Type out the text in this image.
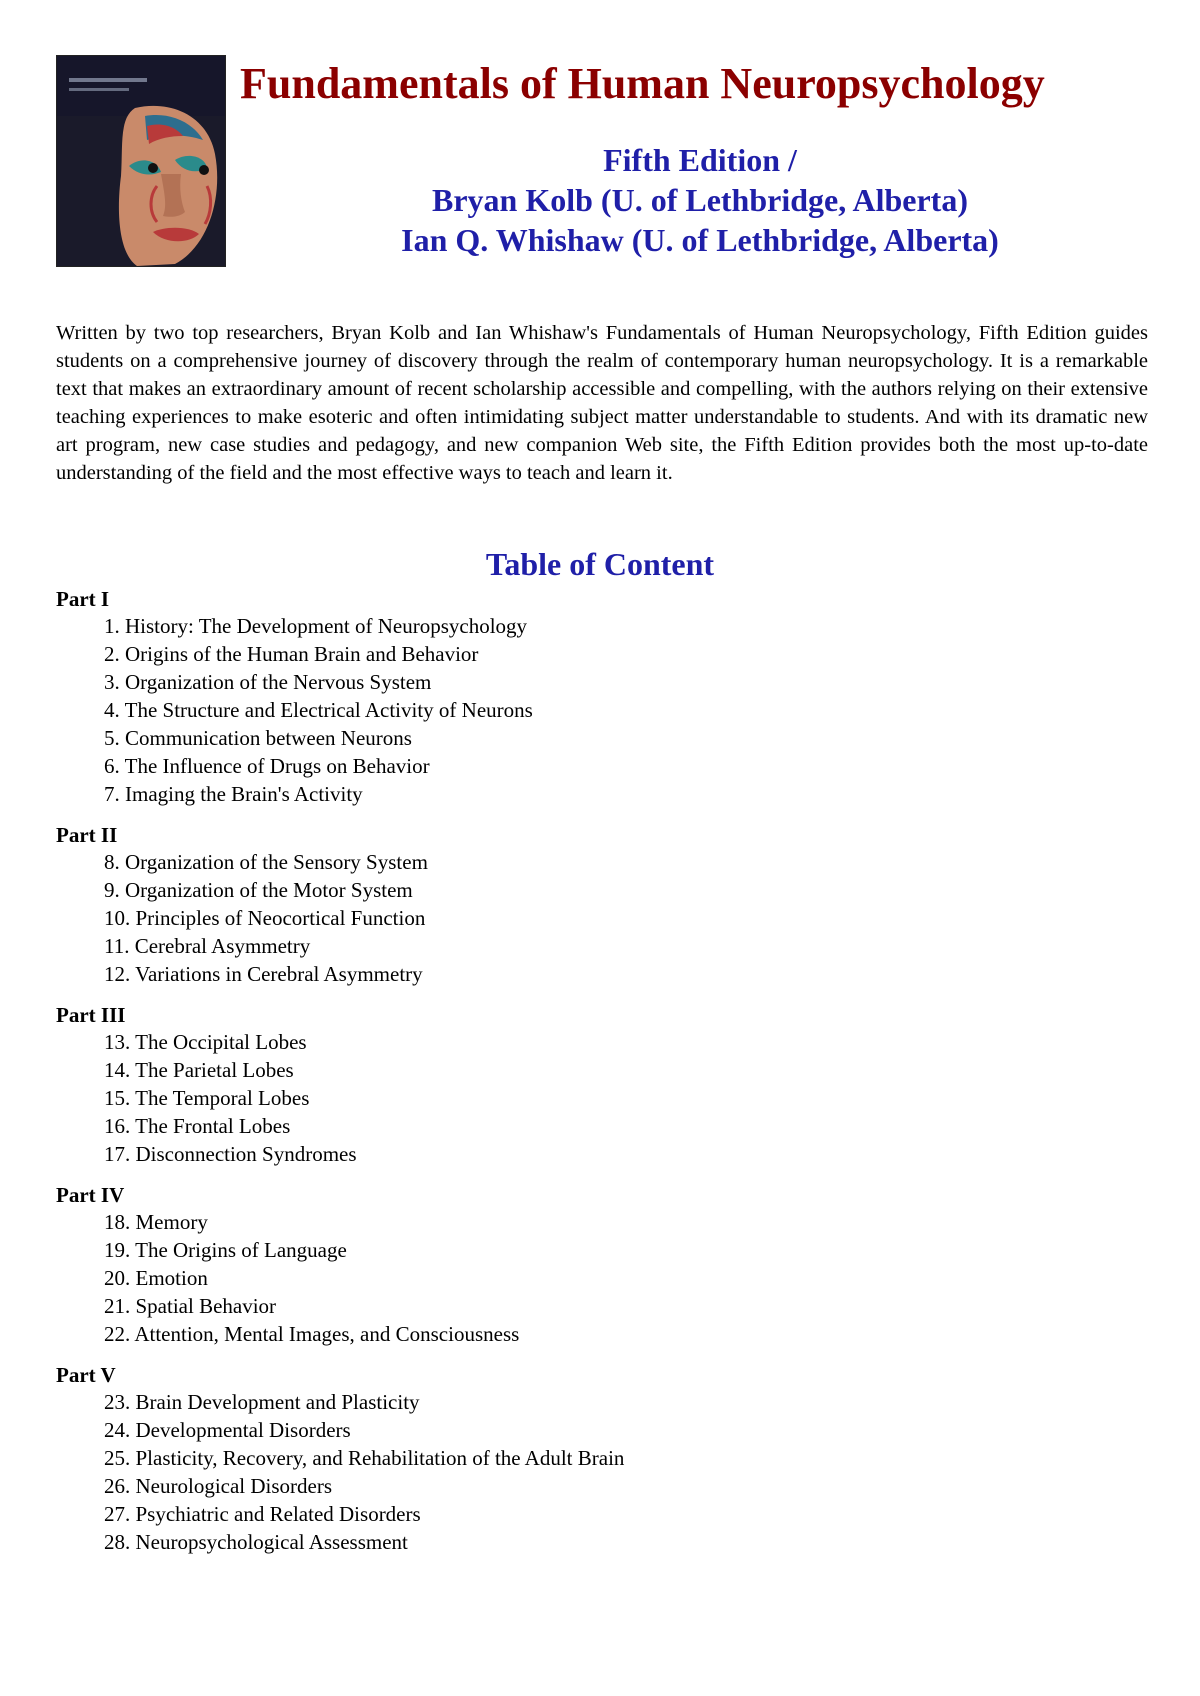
Fundamentals of Human Neuropsychology
Fifth Edition /
Bryan Kolb (U. of Lethbridge, Alberta)
Ian Q. Whishaw (U. of Lethbridge, Alberta)

Written by two top researchers, Bryan Kolb and Ian Whishaw's Fundamentals of Human Neuropsychology, Fifth Edition guides students on a comprehensive journey of discovery through the realm of contemporary human neuropsychology. It is a remarkable text that makes an extraordinary amount of recent scholarship accessible and compelling, with the authors relying on their extensive teaching experiences to make esoteric and often intimidating subject matter understandable to students. And with its dramatic new art program, new case studies and pedagogy, and new companion Web site, the Fifth Edition provides both the most up-to-date understanding of the field and the most effective ways to teach and learn it.

Table of Content
Part I
1. History: The Development of Neuropsychology
2. Origins of the Human Brain and Behavior
3. Organization of the Nervous System
4. The Structure and Electrical Activity of Neurons
5. Communication between Neurons
6. The Influence of Drugs on Behavior
7. Imaging the Brain's Activity
Part II
8. Organization of the Sensory System
9. Organization of the Motor System
10. Principles of Neocortical Function
11. Cerebral Asymmetry
12. Variations in Cerebral Asymmetry
Part III
13. The Occipital Lobes
14. The Parietal Lobes
15. The Temporal Lobes
16. The Frontal Lobes
17. Disconnection Syndromes
Part IV
18. Memory
19. The Origins of Language
20. Emotion
21. Spatial Behavior
22. Attention, Mental Images, and Consciousness
Part V
23. Brain Development and Plasticity
24. Developmental Disorders
25. Plasticity, Recovery, and Rehabilitation of the Adult Brain
26. Neurological Disorders
27. Psychiatric and Related Disorders
28. Neuropsychological Assessment
